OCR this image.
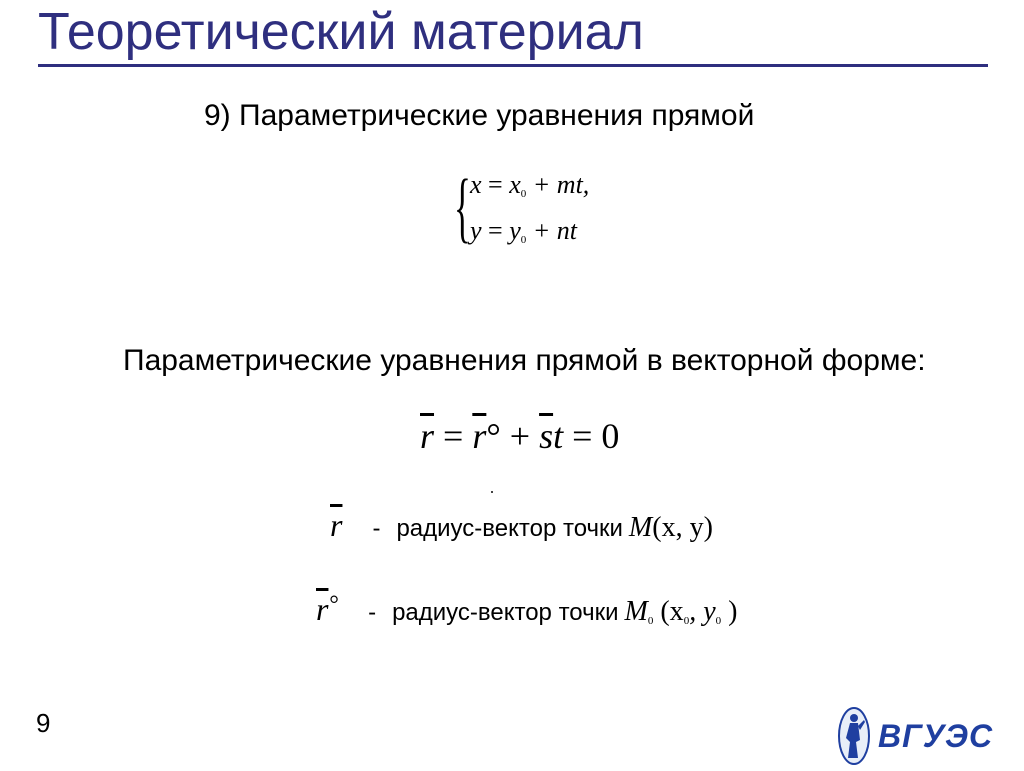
Теоретический материал
9) Параметрические уравнения прямой
{ $x = x_0$ + mt,
$y = y_0$ + nt
Параметрические уравнения прямой в векторной форме:
$\overline{r} = \overline{r}^\circ + \overline{s}t = 0$
$\overline{r}$ - радиус-вектор точки M(x, y)
$\overline{r}^\circ$ - радиус-вектор точки $M_0$ ($x_0$, $y_0$ )
9	ВГУЭС
